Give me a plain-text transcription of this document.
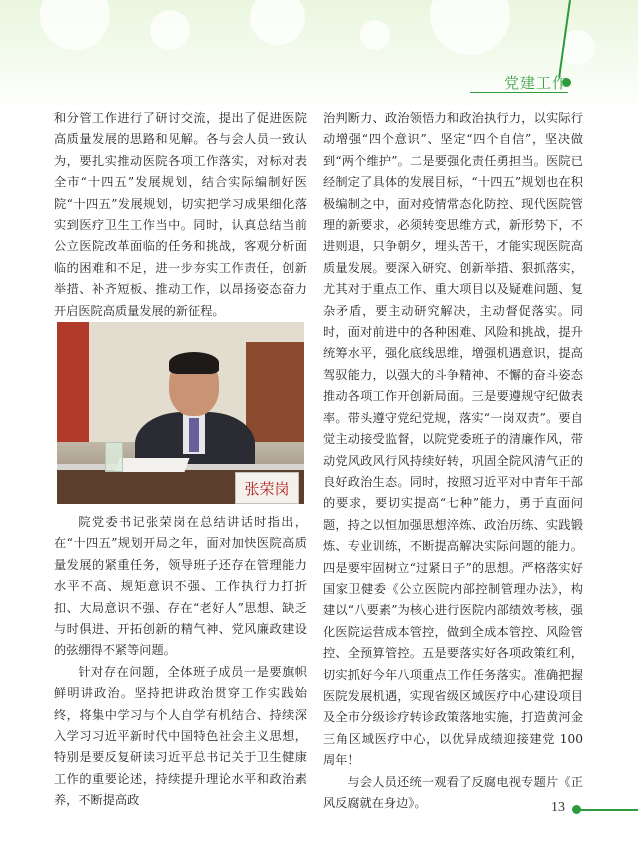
党建工作

和分管工作进行了研讨交流，提出了促进医院高质量发展的思路和见解。各与会人员一致认为，要扎实推动医院各项工作落实，对标对表全市“十四五”发展规划，结合实际编制好医院“十四五”发展规划，切实把学习成果细化落实到医疗卫生工作当中。同时，认真总结当前公立医院改革面临的任务和挑战，客观分析面临的困难和不足，进一步夯实工作责任，创新举措、补齐短板、推动工作，以昂扬姿态奋力开启医院高质量发展的新征程。

张荣岗

院党委书记张荣岗在总结讲话时指出，在“十四五”规划开局之年，面对加快医院高质量发展的紧重任务，领导班子还存在管理能力水平不高、规矩意识不强、工作执行力打折扣、大局意识不强、存在“老好人”思想、缺乏与时俱进、开拓创新的精气神、党风廉政建设的弦绷得不紧等问题。

针对存在问题，全体班子成员一是要旗帜鲜明讲政治。坚持把讲政治贯穿工作实践始终，将集中学习与个人自学有机结合、持续深入学习习近平新时代中国特色社会主义思想，特别是要反复研读习近平总书记关于卫生健康工作的重要论述，持续提升理论水平和政治素养，不断提高政

治判断力、政治领悟力和政治执行力，以实际行动增强“四个意识”、坚定“四个自信”，坚决做到“两个维护”。二是要强化责任勇担当。医院已经制定了具体的发展目标，“十四五”规划也在积极编制之中，面对疫情常态化防控、现代医院管理的新要求，必须转变思维方式，新形势下，不进则退，只争朝夕，埋头苦干，才能实现医院高质量发展。要深入研究、创新举措、狠抓落实，尤其对于重点工作、重大项目以及疑难问题、复杂矛盾，要主动研究解决，主动督促落实。同时，面对前进中的各种困难、风险和挑战，提升统筹水平，强化底线思维，增强机遇意识，提高驾驭能力，以强大的斗争精神、不懈的奋斗姿态推动各项工作开创新局面。三是要遵规守纪做表率。带头遵守党纪党规，落实“一岗双责”。要自觉主动接受监督，以院党委班子的清廉作风，带动党风政风行风持续好转，巩固全院风清气正的良好政治生态。同时，按照习近平对中青年干部的要求，要切实提高“七种”能力，勇于直面问题，持之以恒加强思想淬炼、政治历练、实践锻炼、专业训练，不断提高解决实际问题的能力。四是要牢固树立“过紧日子”的思想。严格落实好国家卫健委《公立医院内部控制管理办法》，构建以“八要素”为核心进行医院内部绩效考核，强化医院运营成本管控，做到全成本管控、风险管控、全预算管控。五是要落实好各项政策红利，切实抓好今年八项重点工作任务落实。准确把握医院发展机遇，实现省级区域医疗中心建设项目及全市分级诊疗转诊政策落地实施，打造黄河金三角区域医疗中心，以优异成绩迎接建党 100 周年！

与会人员还统一观看了反腐电视专题片《正风反腐就在身边》。	13
